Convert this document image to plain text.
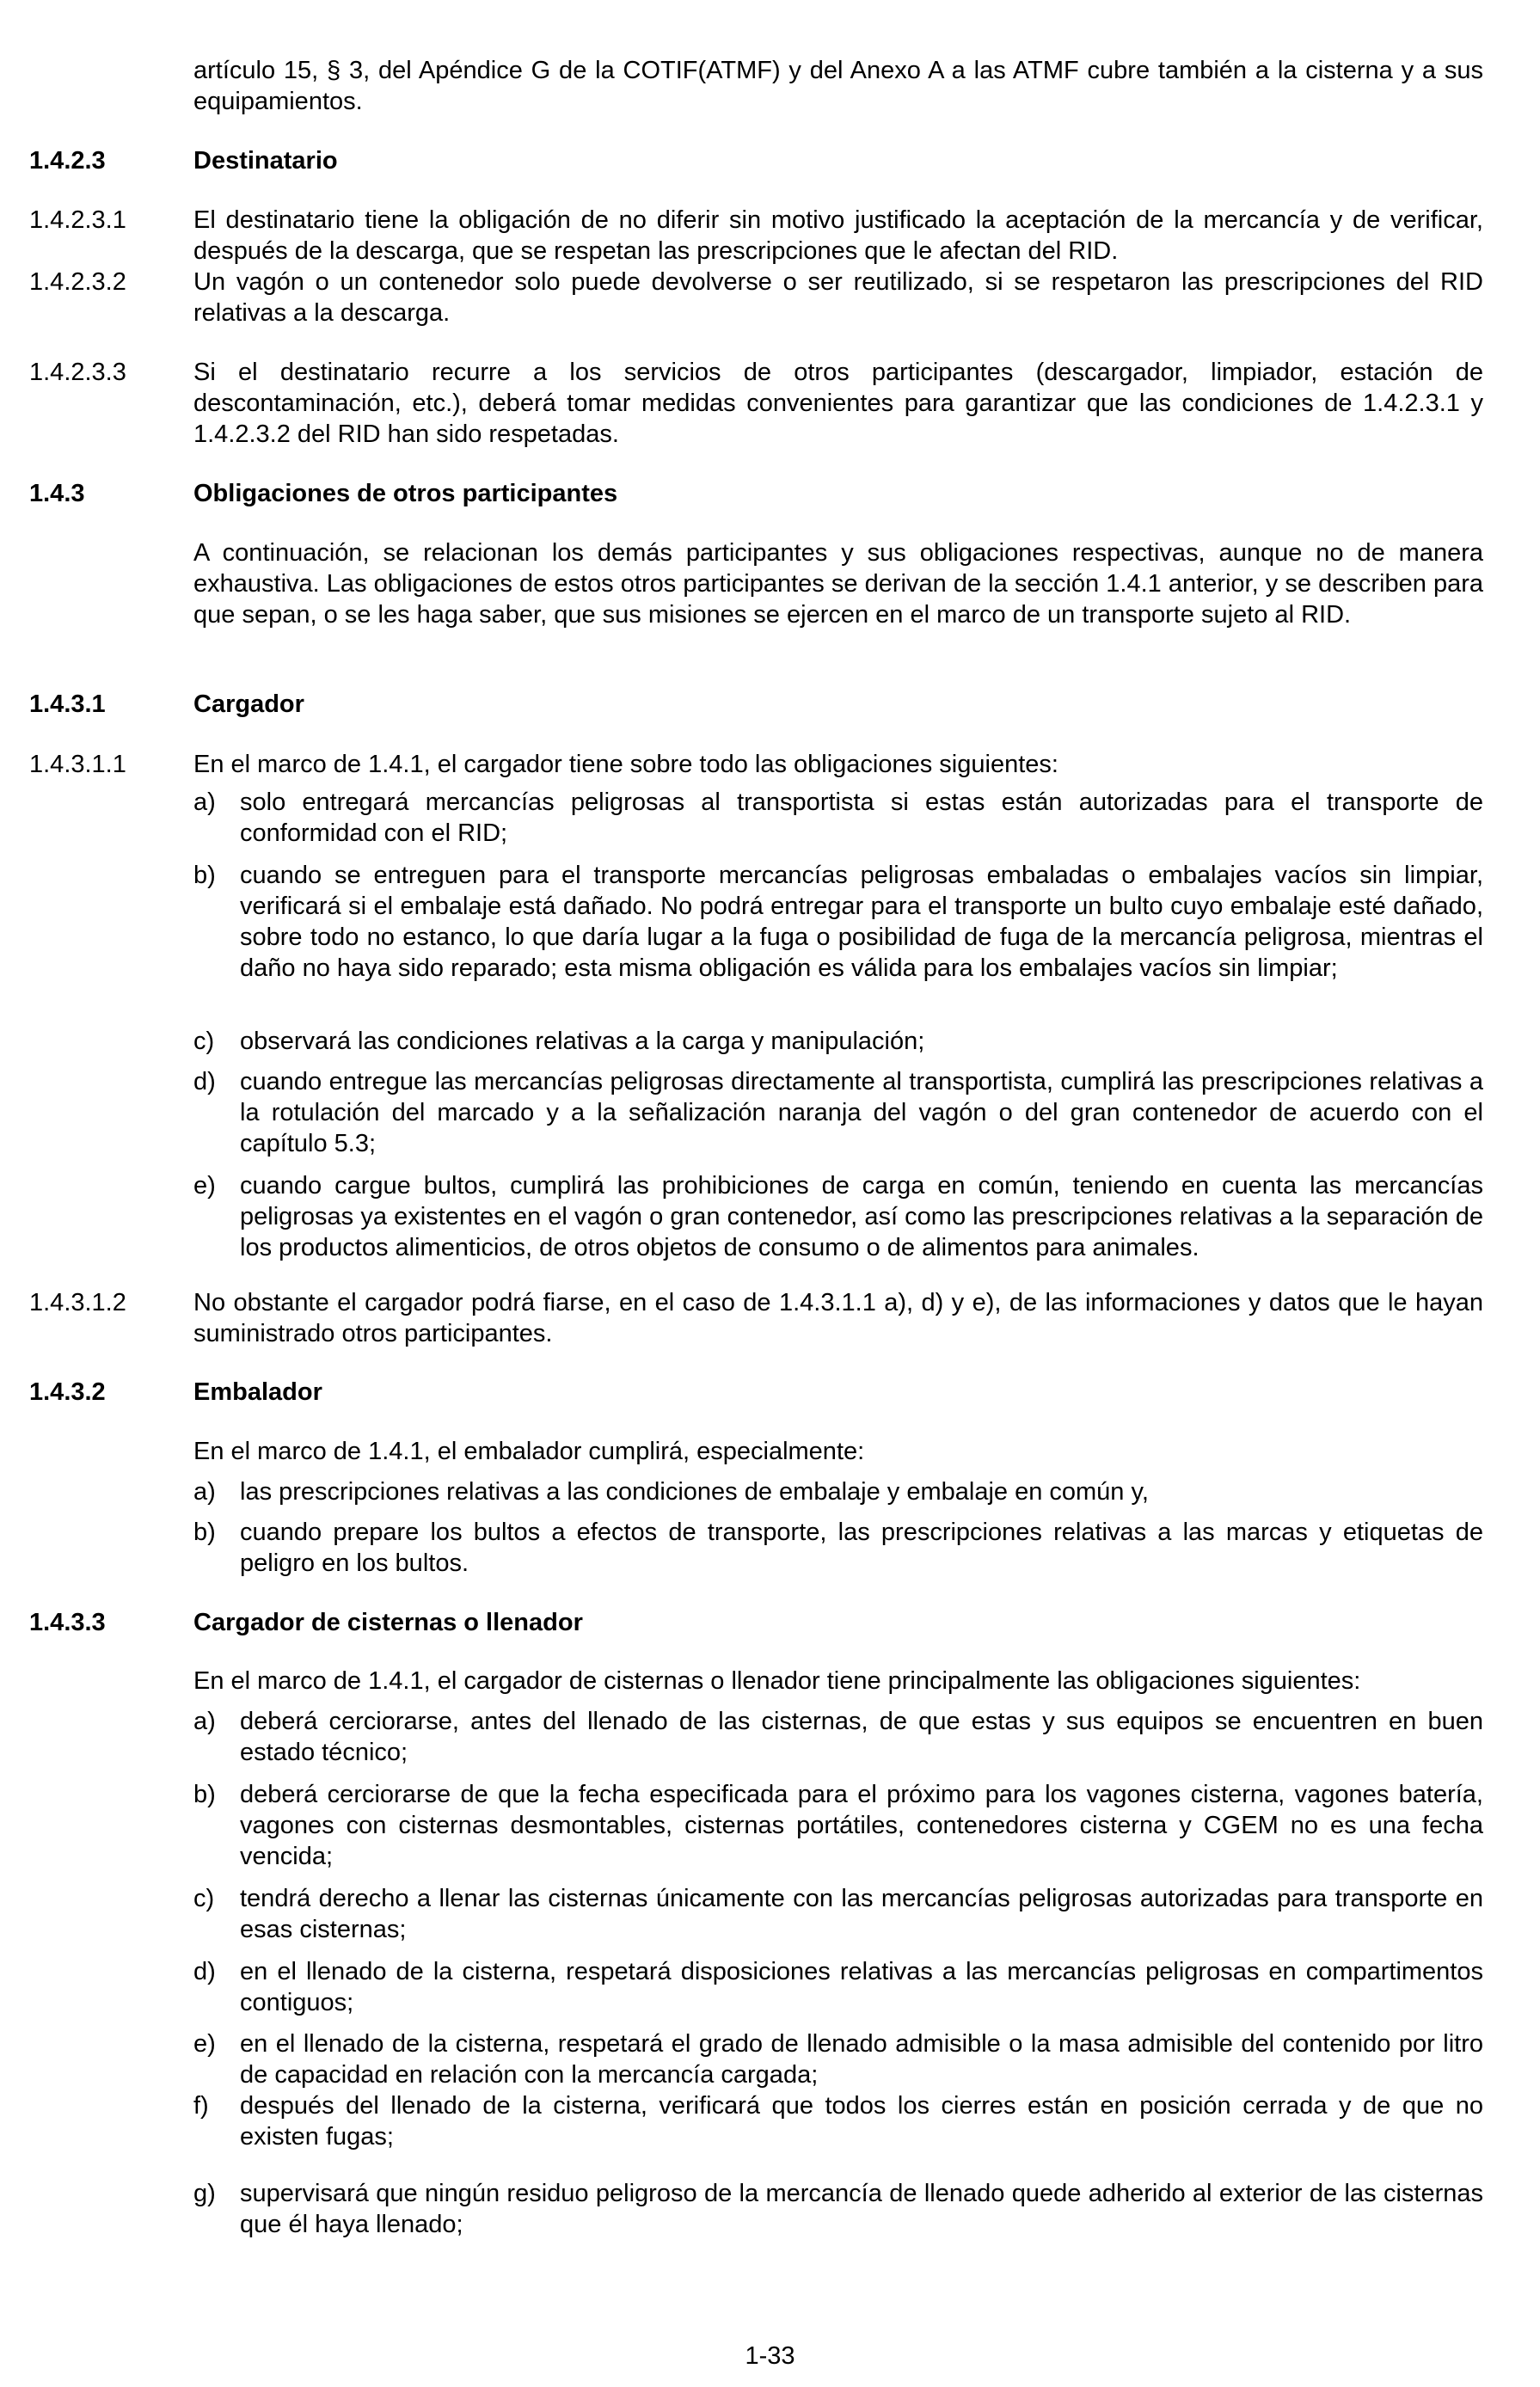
artículo 15, § 3, del Apéndice G de la COTIF(ATMF) y del Anexo A a las ATMF cubre también a la cisterna y a sus equipamientos.
1.4.2.3	Destinatario
1.4.2.3.1	El destinatario tiene la obligación de no diferir sin motivo justificado la aceptación de la mercancía y de verificar, después de la descarga, que se respetan las prescripciones que le afectan del RID.
1.4.2.3.2	Un vagón o un contenedor solo puede devolverse o ser reutilizado, si se respetaron las prescripciones del RID relativas a la descarga.
1.4.2.3.3	Si el destinatario recurre a los servicios de otros participantes (descargador, limpiador, estación de descontaminación, etc.), deberá tomar medidas convenientes para garantizar que las condiciones de 1.4.2.3.1 y 1.4.2.3.2 del RID han sido respetadas.
1.4.3	Obligaciones de otros participantes
A continuación, se relacionan los demás participantes y sus obligaciones respectivas, aunque no de manera exhaustiva. Las obligaciones de estos otros participantes se derivan de la sección 1.4.1 anterior, y se describen para que sepan, o se les haga saber, que sus misiones se ejercen en el marco de un transporte sujeto al RID.
1.4.3.1	Cargador
1.4.3.1.1	En el marco de 1.4.1, el cargador tiene sobre todo las obligaciones siguientes:
a) solo entregará mercancías peligrosas al transportista si estas están autorizadas para el transporte de conformidad con el RID;
b) cuando se entreguen para el transporte mercancías peligrosas embaladas o embalajes vacíos sin limpiar, verificará si el embalaje está dañado. No podrá entregar para el transporte un bulto cuyo embalaje esté dañado, sobre todo no estanco, lo que daría lugar a la fuga o posibilidad de fuga de la mercancía peligrosa, mientras el daño no haya sido reparado; esta misma obligación es válida para los embalajes vacíos sin limpiar;
c)	observará las condiciones relativas a la carga y manipulación;
d) cuando entregue las mercancías peligrosas directamente al transportista, cumplirá las prescripciones relativas a la rotulación del marcado y a la señalización naranja del vagón o del gran contenedor de acuerdo con el capítulo 5.3;
e) cuando cargue bultos, cumplirá las prohibiciones de carga en común, teniendo en cuenta las mercancías peligrosas ya existentes en el vagón o gran contenedor, así como las prescripciones relativas a la separación de los productos alimenticios, de otros objetos de consumo o de alimentos para animales.
1.4.3.1.2	No obstante el cargador podrá fiarse, en el caso de 1.4.3.1.1 a), d) y e), de las informaciones y datos que le hayan suministrado otros participantes.
1.4.3.2	Embalador
En el marco de 1.4.1, el embalador cumplirá, especialmente:
a) las prescripciones relativas a las condiciones de embalaje y embalaje en común y,
b) cuando prepare los bultos a efectos de transporte, las prescripciones relativas a las marcas y etiquetas de peligro en los bultos.
1.4.3.3	Cargador de cisternas o llenador
En el marco de 1.4.1, el cargador de cisternas o llenador tiene principalmente las obligaciones siguientes:
a) deberá cerciorarse, antes del llenado de las cisternas, de que estas y sus equipos se encuentren en buen estado técnico;
b) deberá cerciorarse de que la fecha especificada para el próximo para los vagones cisterna, vagones batería, vagones con cisternas desmontables, cisternas portátiles, contenedores cisterna y CGEM no es una fecha vencida;
c)	tendrá derecho a llenar las cisternas únicamente con las mercancías peligrosas autorizadas para transporte en esas cisternas;
d) en el llenado de la cisterna, respetará disposiciones relativas a las mercancías peligrosas en compartimentos contiguos;
e) en el llenado de la cisterna, respetará el grado de llenado admisible o la masa admisible del contenido por litro de capacidad en relación con la mercancía cargada;
f)	después del llenado de la cisterna, verificará que todos los cierres están en posición cerrada y de que no existen fugas;
g) supervisará que ningún residuo peligroso de la mercancía de llenado quede adherido al exterior de las cisternas que él haya llenado;
1-33
